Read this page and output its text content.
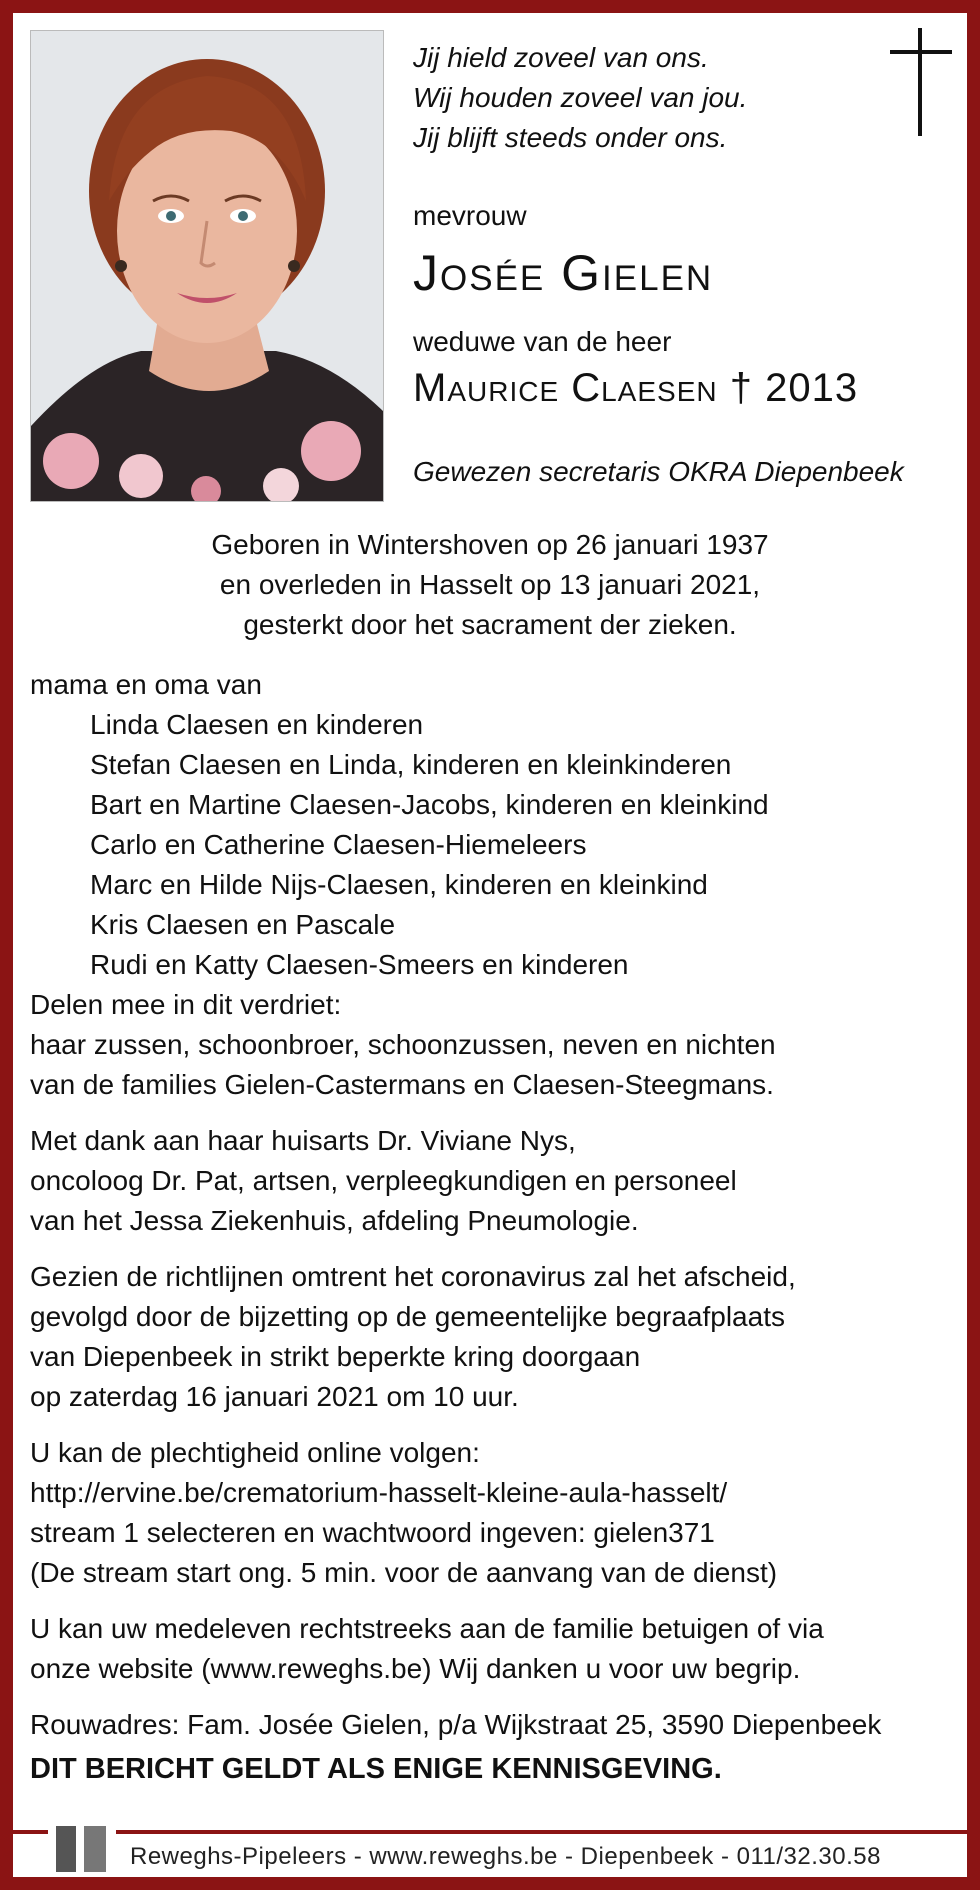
Jij hield zoveel van ons.
Wij houden zoveel van jou.
Jij blijft steeds onder ons.
mevrouw
Josée Gielen
weduwe van de heer
Maurice Claesen † 2013
Gewezen secretaris OKRA Diepenbeek
Geboren in Wintershoven op 26 januari 1937
en overleden in Hasselt op 13 januari 2021,
gesterkt door het sacrament der zieken.
mama en oma van
Linda Claesen en kinderen
Stefan Claesen en Linda, kinderen en kleinkinderen
Bart en Martine Claesen-Jacobs, kinderen en kleinkind
Carlo en Catherine Claesen-Hiemeleers
Marc en Hilde Nijs-Claesen, kinderen en kleinkind
Kris Claesen en Pascale
Rudi en Katty Claesen-Smeers en kinderen
Delen mee in dit verdriet:
haar zussen, schoonbroer, schoonzussen, neven en nichten
van de families Gielen-Castermans en Claesen-Steegmans.
Met dank aan haar huisarts Dr. Viviane Nys,
oncoloog Dr. Pat, artsen, verpleegkundigen en personeel
van het Jessa Ziekenhuis, afdeling Pneumologie.
Gezien de richtlijnen omtrent het coronavirus zal het afscheid,
gevolgd door de bijzetting op de gemeentelijke begraafplaats
van Diepenbeek in strikt beperkte kring doorgaan
op zaterdag 16 januari 2021 om 10 uur.
U kan de plechtigheid online volgen:
http://ervine.be/crematorium-hasselt-kleine-aula-hasselt/
stream 1 selecteren en wachtwoord ingeven: gielen371
(De stream start ong. 5 min. voor de aanvang van de dienst)
U kan uw medeleven rechtstreeks aan de familie betuigen of via
onze website (www.reweghs.be) Wij danken u voor uw begrip.
Rouwadres: Fam. Josée Gielen, p/a Wijkstraat 25, 3590 Diepenbeek
DIT BERICHT GELDT ALS ENIGE KENNISGEVING.
Reweghs-Pipeleers - www.reweghs.be - Diepenbeek - 011/32.30.58
